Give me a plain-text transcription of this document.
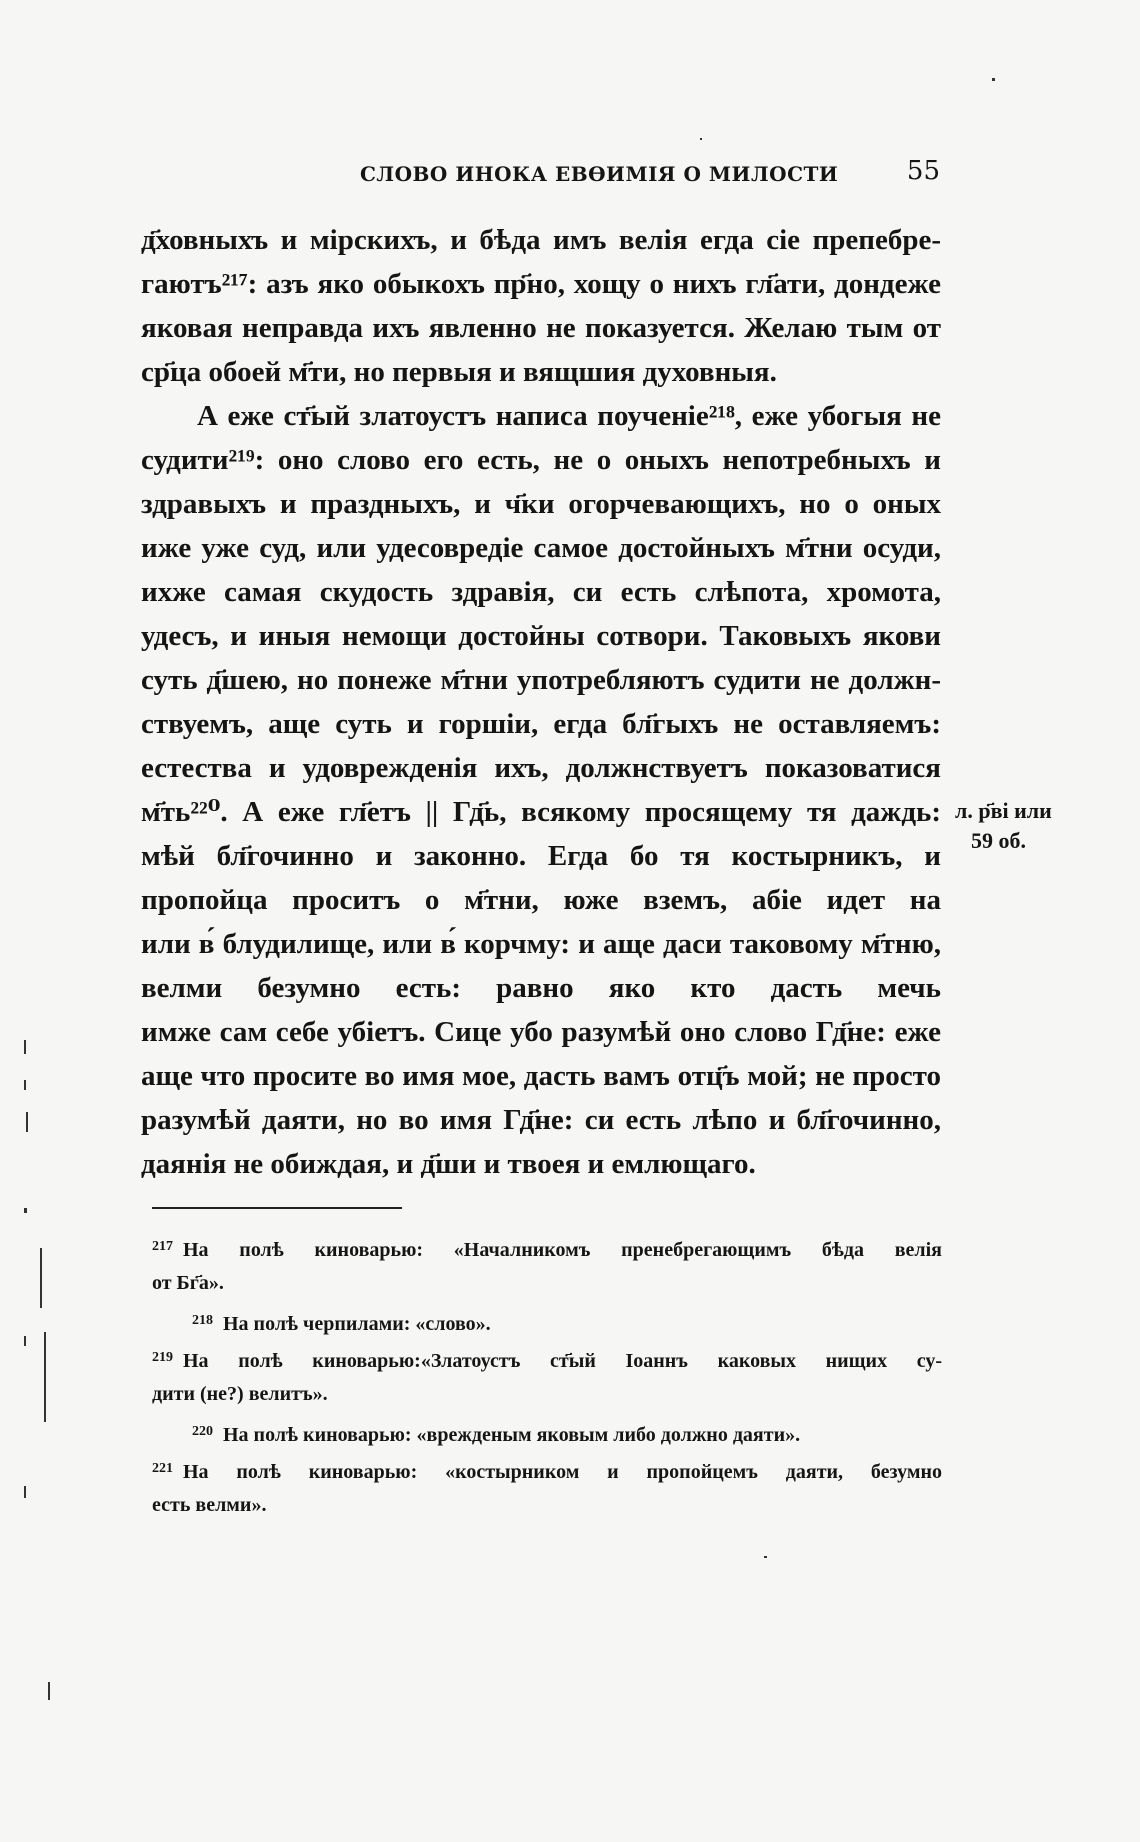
СЛОВО ИНОКА ЕВѲИМІЯ О МИЛОСТИ	55
д҃ховныхъ и мірскихъ, и бѣда имъ велія егда сіе препебре-
гаютъ²¹⁷: азъ яко обыкохъ пр҃но, хощу о нихъ гл҃ати, дондеже
яковая неправда ихъ явленно не показуется. Желаю тым от
ср҃ца обоей м҃ти, но первыя и вящшия духовныя.
А еже ст҃ый златоустъ написа поученіе²¹⁸, еже убогыя не
судити²¹⁹: оно слово его есть, не о оныхъ непотребныхъ и
здравыхъ и праздныхъ, и ч҃ки огорчевающихъ, но о оных
иже уже суд, или удесовредіе самое достойныхъ м҃тни осуди,
ихже самая скудость здравія, си есть слѣпота, хромота,
удесъ, и иныя немощи достойны сотвори. Таковыхъ якови
суть д҃шею, но понеже м҃тни употребляютъ судити не должн-
ствуемъ, аще суть и горшіи, егда бл҃гыхъ не оставляемъ:
естества и удовреждені͏я ихъ, должнствуетъ показоватися
м҃ть²²⁰. А еже гл҃етъ || Гд҃ь, всякому просящему тя даждь:
мѣй бл҃гочинно и законно. Егда бо тя костырникъ, и
пропойца проситъ о м҃тни, юже вземъ, абіе идет на
или в́ блудилище, или в́ корчму: и аще даси таковому м҃тню,
велми безумно есть: равно яко кто дасть мечь
имже сам себе убіетъ. Сице убо разумѣй оно слово Гд҃не: еже
аще что просите во имя мое, дасть вамъ отц҃ъ мой; не просто
разумѣй даяти, но во имя Гд҃не: си есть лѣпо и бл҃гочинно,
даяні͏я не обиждая, и д҃ши и твоея и емлющаго.
л. р҃ві или
59 об.
$^{217}$ На полѣ киноварью: «Началникомъ пренебрегающимъ бѣда велія
от Бг҃а».
$^{218}$ На полѣ черпилами: «слово».
$^{219}$ На полѣ киноварью:«Златоустъ ст҃ый Іоаннъ каковых нищих су-
дити (не?) велитъ».
$^{220}$ На полѣ киноварью: «врежденым яковым либо должно даяти».
$^{221}$ На полѣ киноварью: «костырником и пропойцемъ даяти, безумно
есть велми».
